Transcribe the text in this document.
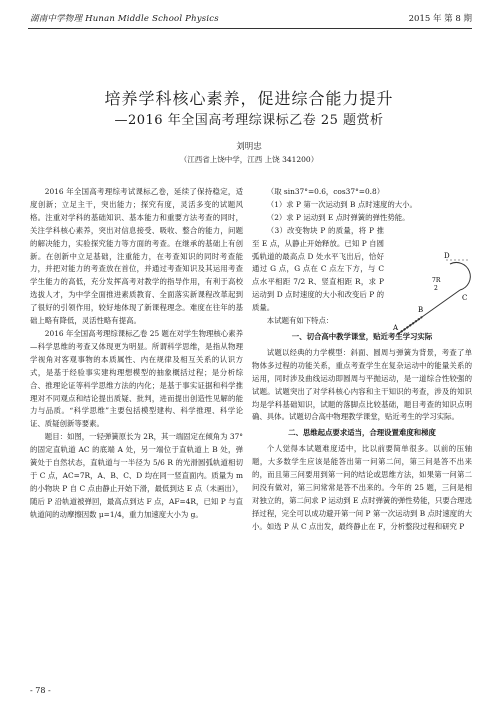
湖南中学物理 Hunan Middle School Physics	2015 年 第 8 期
培养学科核心素养，促进综合能力提升
—2016 年全国高考理综课标乙卷 25 题赏析
刘明忠
（江西省上饶中学，江西 上饶 341200）

2016 年全国高考理综考试课标乙卷，延续了保持稳定，适度创新；立足主干，突出能力；探究有度，灵活多变的试题风格。注重对学科的基础知识、基本能力和重要方法考查的同时，关注学科核心素养，突出对信息接受、吸收、整合的能力，问题的解决能力，实验探究能力等方面的考查。在继承的基础上有创新。在创新中立足基础，注重能力，在考查知识的同时考查能力，并把对能力的考查放在首位，并通过考查知识及其运用考查学生能力的高低，充分发挥高考对教学的指导作用，有利于高校选拔人才，为中学全面推进素质教育、全面落实新课程改革起到了很好的引领作用，较好地体现了新课程理念。难度在往年的基础上略有降低，灵活性略有提高。

2016 年全国高考理综课标乙卷 25 题在对学生物理核心素养—科学思维的考查又体现更为明显。所谓科学思维，是指从物理学视角对客观事物的本质属性、内在规律及相互关系的认识方式，是基于经验事实建构理想模型的抽象概括过程；是分析综合、推理论证等科学思维方法的内化；是基于事实证据和科学推理对不同观点和结论提出质疑、批判，进而提出创造性见解的能力与品质。“科学思维”主要包括模型建构、科学推理、科学论证、质疑创新等要素。

题目：如图，一轻弹簧原长为 2R，其一端固定在倾角为 37° 的固定直轨道 AC 的底端 A 处，另一端位于直轨道上 B 处，弹簧处于自然状态，直轨道与一半径为 5/6 R 的光滑圆弧轨道相切于 C 点，AC=7R，A、B、C、D 均在同一竖直面内。质量为 m 的小物块 P 自 C 点由静止开始下滑，最低到达 E 点（未画出），随后 P 沿轨道被弹回，最高点到达 F 点，AF=4R，已知 P 与直轨道间的动摩擦因数 μ=1/4，重力加速度大小为 g。

（取 sin37°=0.6，cos37°=0.8）

（1）求 P 第一次运动到 B 点时速度的大小。

（2）求 P 运动到 E 点时弹簧的弹性势能。

（3）改变物块 P 的质量，将 P 推至 E 点，从静止开始释放。已知 P 自圆弧轨道的最高点 D 处水平飞出后，恰好通过 G 点，G 点在 C 点左下方，与 C 点水平相距 7/2 R、竖直相距 R，求 P 运动到 D 点时速度的大小和改变后 P 的质量。

本试题有如下特点：

一、切合高中教学课堂，贴近考生学习实际

试题以经典的力学模型：斜面、圆周与弹簧为背景，考查了单物体多过程的功能关系，重点考查学生在复杂运动中的能量关系的运用，同时涉及曲线运动即圆周与平抛运动，是一道综合性较强的试题。试题突出了对学科核心内容和主干知识的考查，涉及的知识均是学科基础知识，试题的落脚点比较基础，题目考查的知识点明确、具体。试题切合高中物理教学课堂，贴近考生的学习实际。

二、思维起点要求适当，合理设置难度和梯度

个人觉得本试题难度适中，比以前要简单很多。以前的压轴题，大多数学生应该是能答出第一问第二问，第三问是答不出来的，而且第三问要用到第一问的结论或思维方法，如果第一问第二问没有做对，第三问常常是答不出来的。今年的 25 题，三问是相对独立的，第二问求 P 运动到 E 点时弹簧的弹性势能，只要合理选择过程，完全可以成功避开第一问 P 第一次运动到 B 点时速度的大小。如选 P 从 C 点出发，最终静止在 F，分析整段过程和研究 P

D
7R
2
A
B
C
- 78 -
